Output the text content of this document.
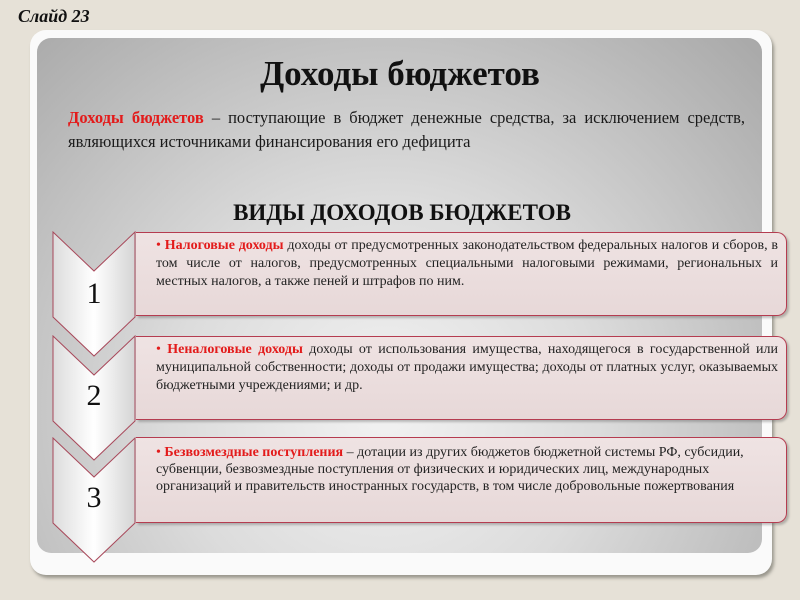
Слайд 23
Доходы бюджетов
Доходы бюджетов – поступающие в бюджет денежные средства, за исключением средств, являющихся источниками финансирования его дефицита
ВИДЫ ДОХОДОВ БЮДЖЕТОВ
1

• Налоговые доходы доходы от предусмотренных законодательством федеральных налогов и сборов, в том числе от налогов, предусмотренных специальными налоговыми режимами, региональных и местных налогов, а также пеней и штрафов по ним.

2

• Неналоговые доходы доходы от использования имущества, находящегося в государственной или муниципальной собственности; доходы от продажи имущества; доходы от платных услуг, оказываемых бюджетными учреждениями; и др.

3

• Безвозмездные поступления – дотации из других бюджетов бюджетной системы РФ, субсидии, субвенции, безвозмездные поступления от физических и юридических лиц, международных организаций и правительств иностранных государств, в том числе добровольные пожертвования
